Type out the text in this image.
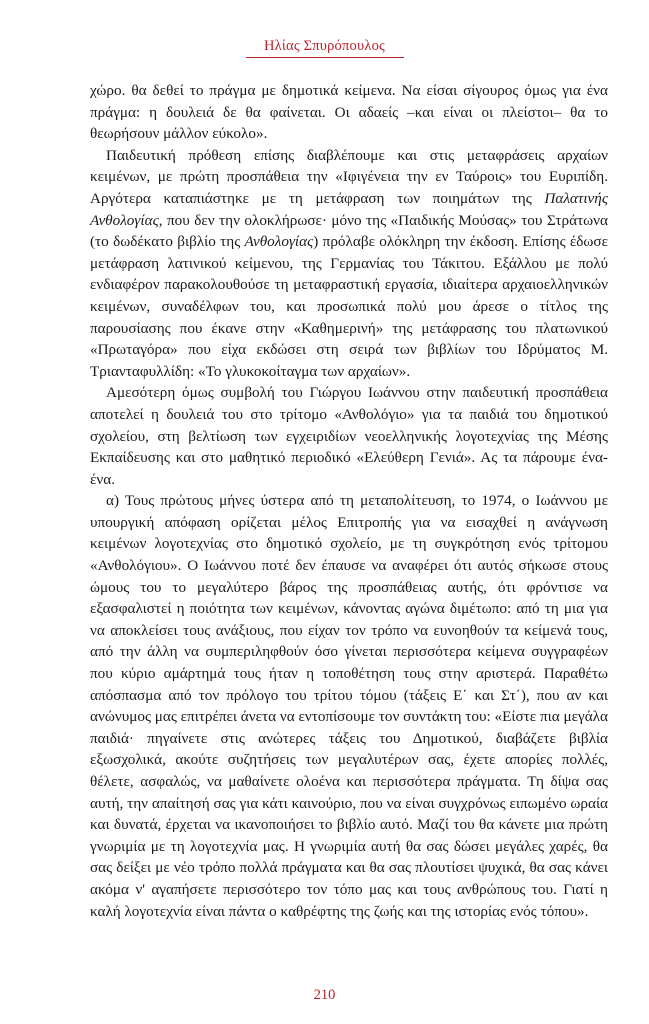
Ηλίας Σπυρόπουλος

χώρο. θα δεθεί το πράγμα με δημοτικά κείμενα. Να είσαι σίγουρος όμως για ένα πράγμα: η δουλειά δε θα φαίνεται. Οι αδαείς –και είναι οι πλείστοι– θα το θεωρήσουν μάλλον εύκολο».

Παιδευτική πρόθεση επίσης διαβλέπουμε και στις μεταφράσεις αρχαίων κειμένων, με πρώτη προσπάθεια την «Ιφιγένεια την εν Ταύροις» του Ευριπίδη. Αργότερα καταπιάστηκε με τη μετάφραση των ποιημάτων της Παλατινής Ανθολογίας, που δεν την ολοκλήρωσε· μόνο της «Παιδικής Μούσας» του Στράτωνα (το δωδέκατο βιβλίο της Ανθολογίας) πρόλαβε ολόκληρη την έκδοση. Επίσης έδωσε μετάφραση λατινικού κείμενου, της Γερμανίας του Τάκιτου. Εξάλλου με πολύ ενδιαφέρον παρακολουθούσε τη μεταφραστική εργασία, ιδιαίτερα αρχαιοελληνικών κειμένων, συναδέλφων του, και προσωπικά πολύ μου άρεσε ο τίτλος της παρουσίασης που έκανε στην «Καθημερινή» της μετάφρασης του πλατωνικού «Πρωταγόρα» που είχα εκδώσει στη σειρά των βιβλίων του Ιδρύματος Μ. Τριανταφυλλίδη: «Το γλυκοκοίταγμα των αρχαίων».

Αμεσότερη όμως συμβολή του Γιώργου Ιωάννου στην παιδευτική προσπάθεια αποτελεί η δουλειά του στο τρίτομο «Ανθολόγιο» για τα παιδιά του δημοτικού σχολείου, στη βελτίωση των εγχειριδίων νεοελληνικής λογοτεχνίας της Μέσης Εκπαίδευσης και στο μαθητικό περιοδικό «Ελεύθερη Γενιά». Ας τα πάρουμε ένα-ένα.

α) Τους πρώτους μήνες ύστερα από τη μεταπολίτευση, το 1974, ο Ιωάννου με υπουργική απόφαση ορίζεται μέλος Επιτροπής για να εισαχθεί η ανάγνωση κειμένων λογοτεχνίας στο δημοτικό σχολείο, με τη συγκρότηση ενός τρίτομου «Ανθολόγιου». Ο Ιωάννου ποτέ δεν έπαυσε να αναφέρει ότι αυτός σήκωσε στους ώμους του το μεγαλύτερο βάρος της προσπάθειας αυτής, ότι φρόντισε να εξασφαλιστεί η ποιότητα των κειμένων, κάνοντας αγώνα διμέτωπο: από τη μια για να αποκλείσει τους ανάξιους, που είχαν τον τρόπο να ευνοηθούν τα κείμενά τους, από την άλλη να συμπεριληφθούν όσο γίνεται περισσότερα κείμενα συγγραφέων που κύριο αμάρτημά τους ήταν η τοποθέτηση τους στην αριστερά. Παραθέτω απόσπασμα από τον πρόλογο του τρίτου τόμου (τάξεις Ε΄ και Στ΄), που αν και ανώνυμος μας επιτρέπει άνετα να εντοπίσουμε τον συντάκτη του: «Είστε πια μεγάλα παιδιά· πηγαίνετε στις ανώτερες τάξεις του Δημοτικού, διαβάζετε βιβλία εξωσχολικά, ακούτε συζητήσεις των μεγαλυτέρων σας, έχετε απορίες πολλές, θέλετε, ασφαλώς, να μαθαίνετε ολοένα και περισσότερα πράγματα. Τη δίψα σας αυτή, την απαίτησή σας για κάτι καινούριο, που να είναι συγχρόνως ειπωμένο ωραία και δυνατά, έρχεται να ικανοποιήσει το βιβλίο αυτό. Μαζί του θα κάνετε μια πρώτη γνωριμία με τη λογοτεχνία μας. Η γνωριμία αυτή θα σας δώσει μεγάλες χαρές, θα σας δείξει με νέο τρόπο πολλά πράγματα και θα σας πλουτίσει ψυχικά, θα σας κάνει ακόμα ν' αγαπήσετε περισσότερο τον τόπο μας και τους ανθρώπους του. Γιατί η καλή λογοτεχνία είναι πάντα ο καθρέφτης της ζωής και της ιστορίας ενός τόπου».

210
